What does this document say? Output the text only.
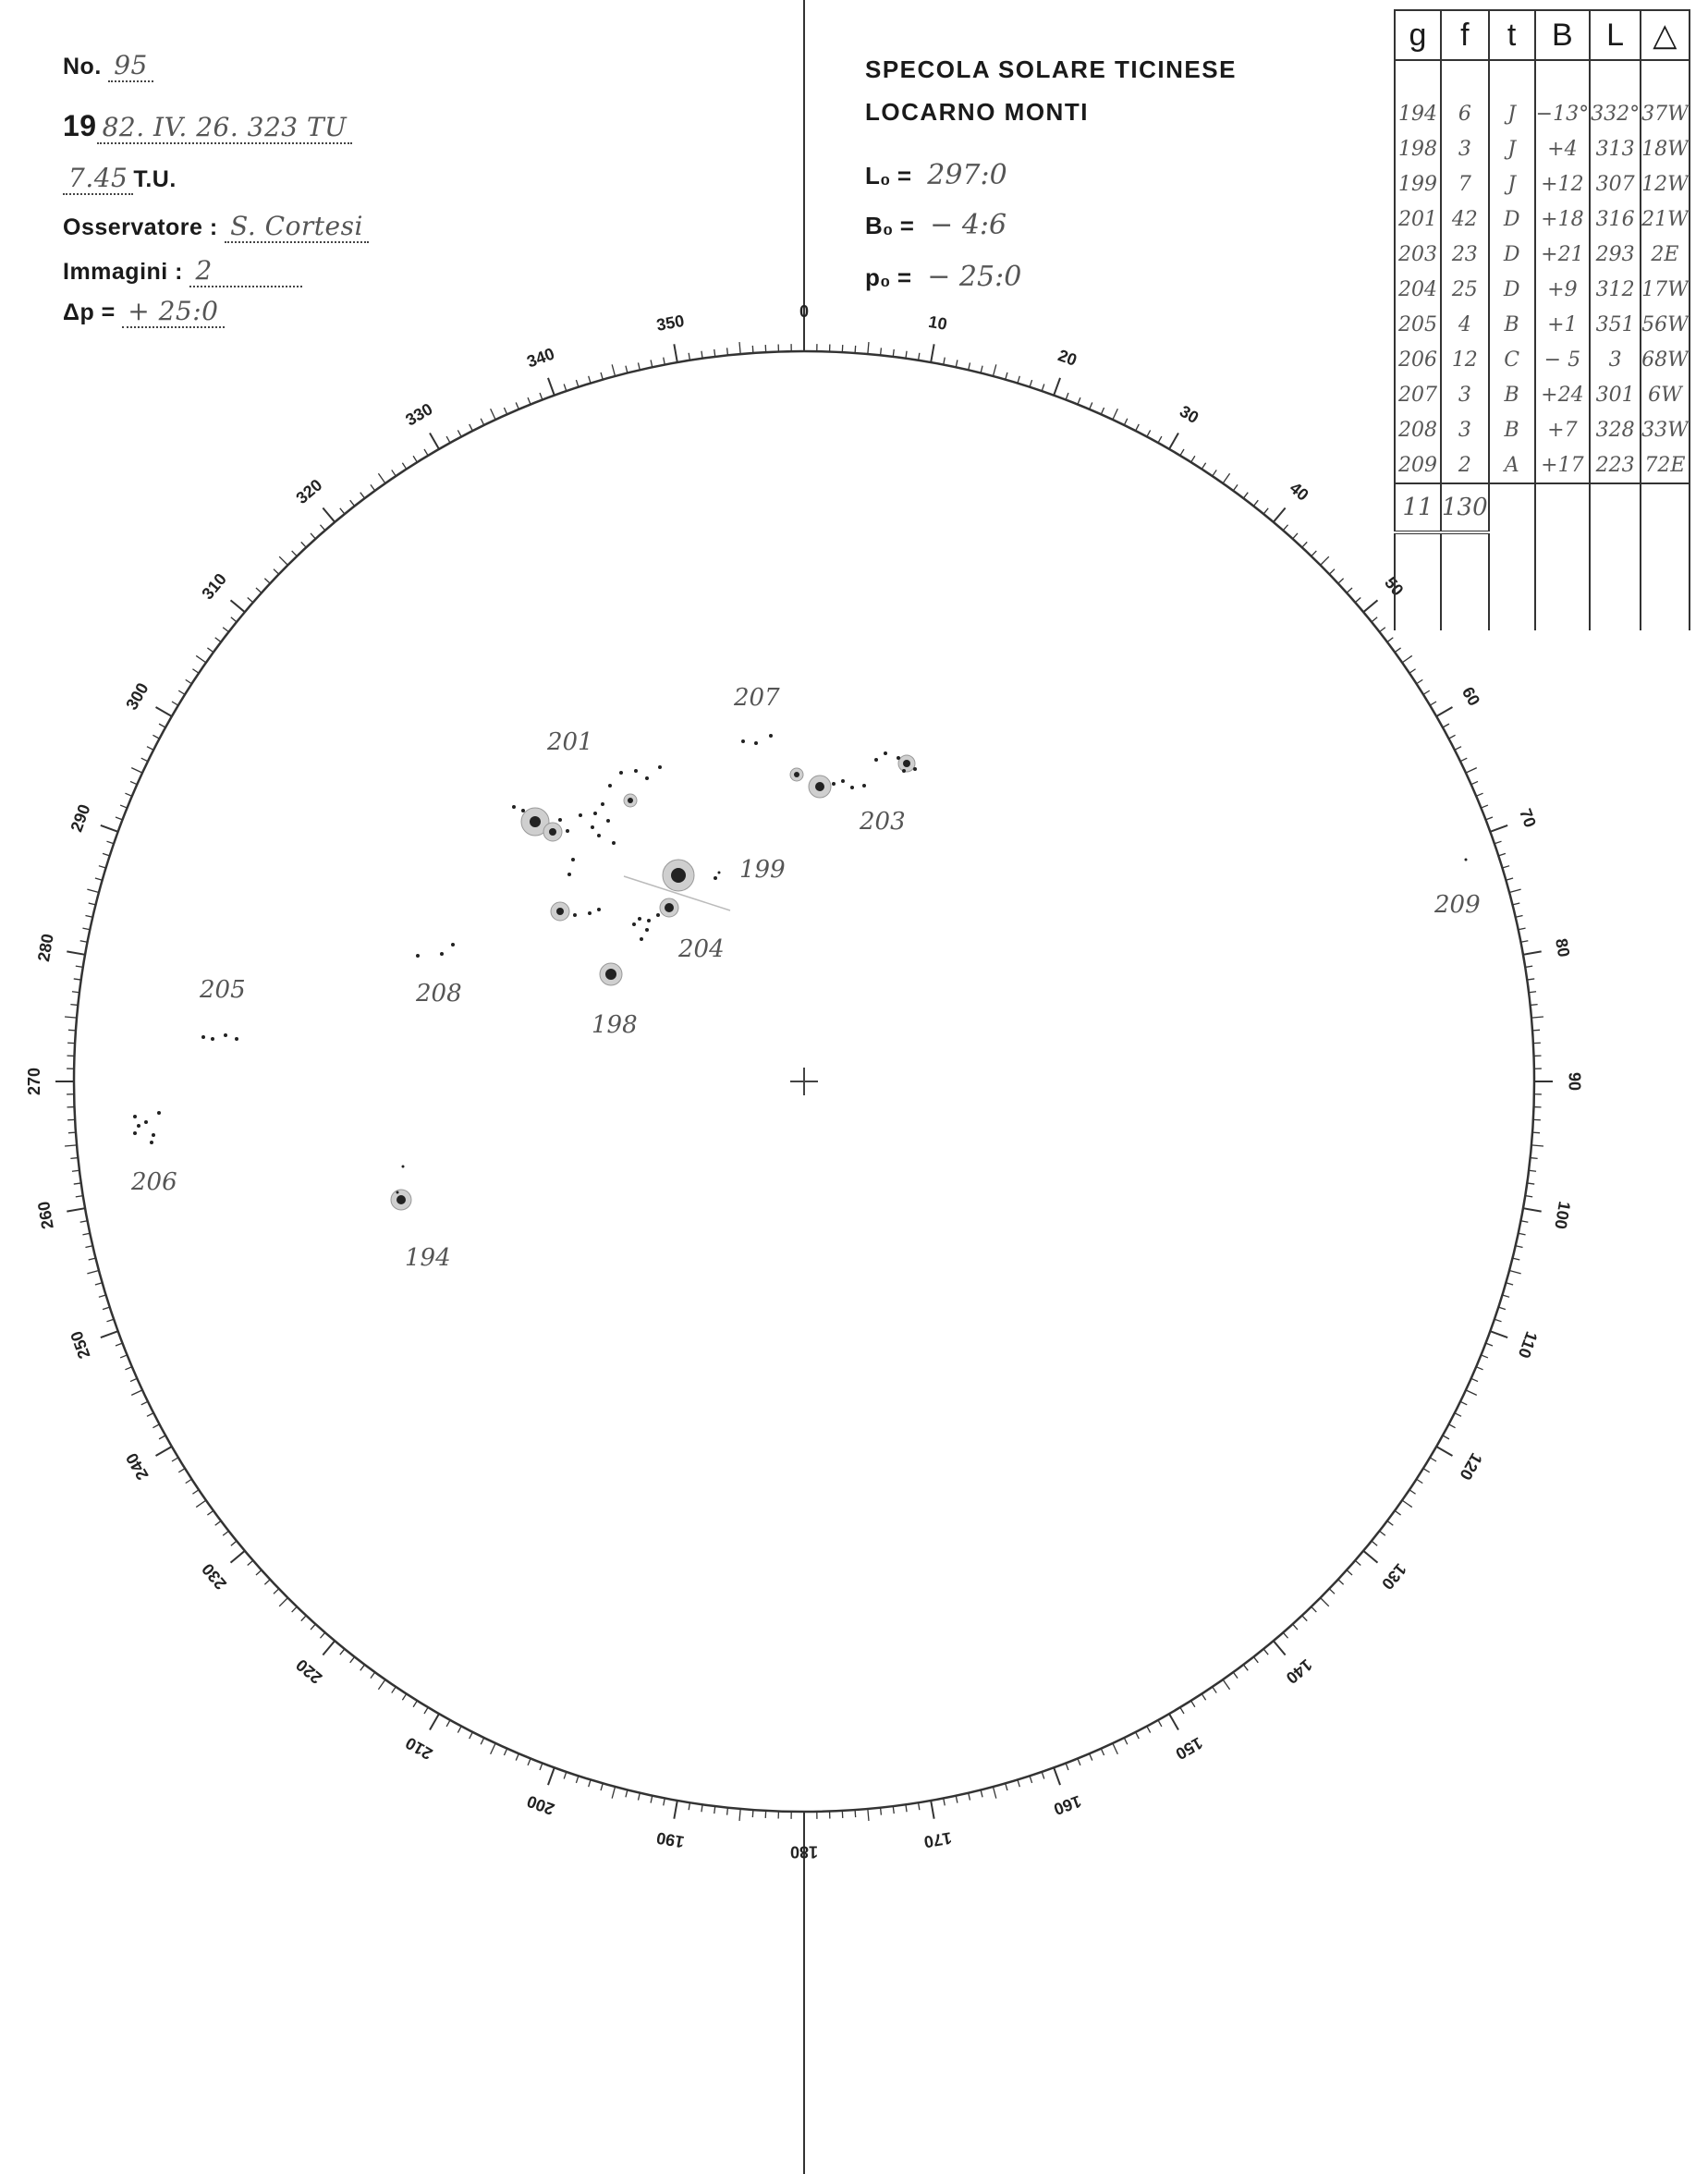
0
10
20
30
40
50
60
70
80
90
100
110
120
130
140
150
160
170
180
190
200
210
220
230
240
250
260
270
280
290
300
310
320
330
340
350
No. 95
19 82. IV. 26. 323 TU
7.45 T.U.
Osservatore : S. Cortesi
Immagini : 2
Δp = + 25:0
SPECOLA SOLARE TICINESE
LOCARNO MONTI
L₀ = 297:0
B₀ = − 4:6
p₀ = − 25:0
g	f	t	B	L	△

194	6	J	−13°	332°	37W
198	3	J	+4	313	18W
199	7	J	+12	307	12W
201	42	D	+18	316	21W
203	23	D	+21	293	2E
204	25	D	+9	312	17W
205	4	B	+1	351	56W
206	12	C	− 5	3	68W
207	3	B	+24	301	6W
208	3	B	+7	328	33W
209	2	A	+17	223	72E
11	130				

194
198
199
201
203
204
205
206
207
208
209
